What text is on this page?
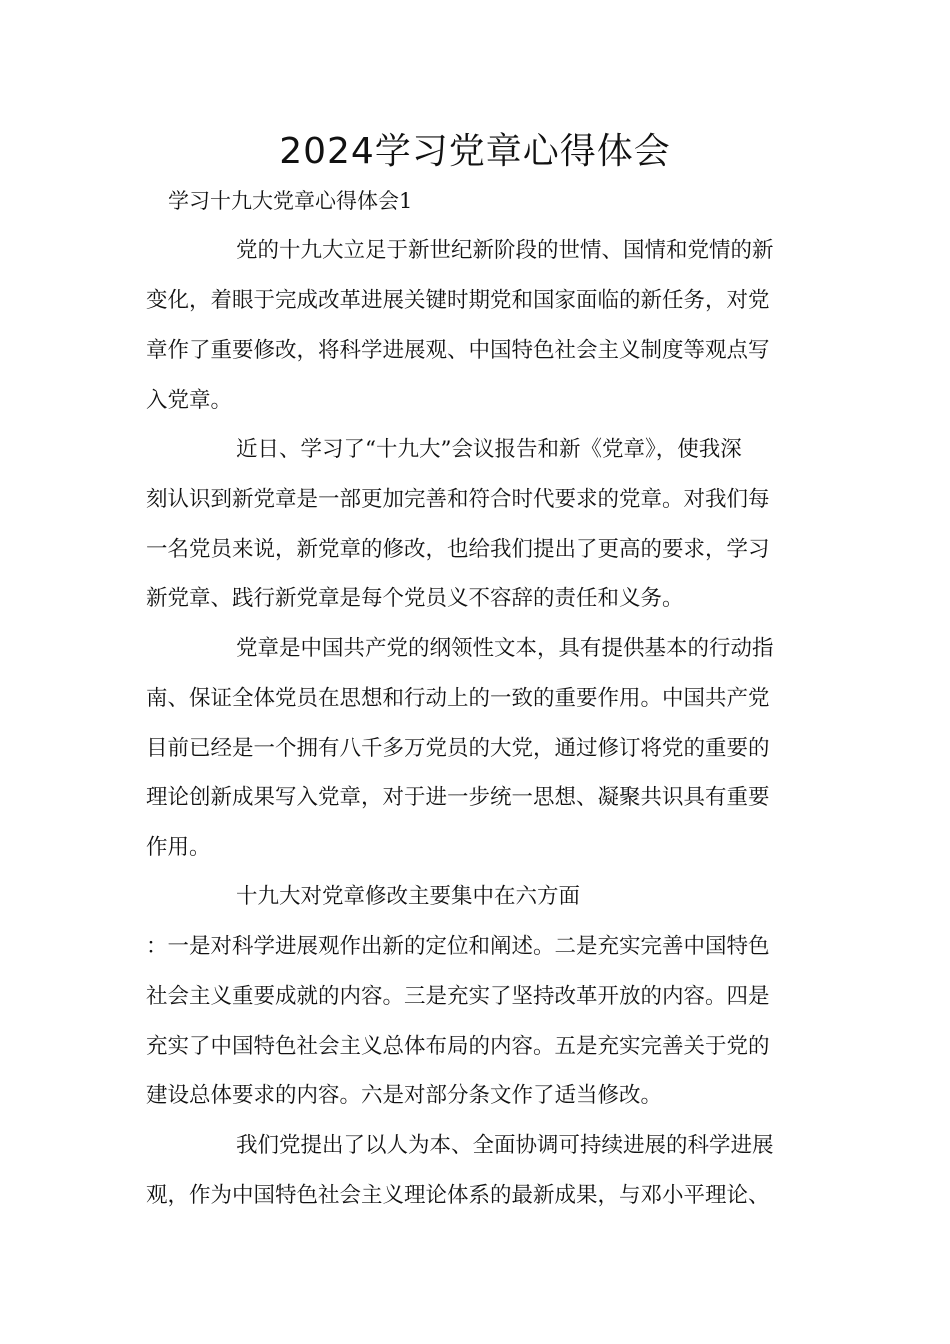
2024学习党章心得体会
学习十九大党章心得体会1
党的十九大立足于新世纪新阶段的世情、国情和党情的新
变化，着眼于完成改革进展关键时期党和国家面临的新任务，对党
章作了重要修改，将科学进展观、中国特色社会主义制度等观点写
入党章。
近日、学习了“十九大”会议报告和新《党章》，使我深
刻认识到新党章是一部更加完善和符合时代要求的党章。对我们每
一名党员来说，新党章的修改，也给我们提出了更高的要求，学习
新党章、践行新党章是每个党员义不容辞的责任和义务。
党章是中国共产党的纲领性文本，具有提供基本的行动指
南、保证全体党员在思想和行动上的一致的重要作用。中国共产党
目前已经是一个拥有八千多万党员的大党，通过修订将党的重要的
理论创新成果写入党章，对于进一步统一思想、凝聚共识具有重要
作用。
十九大对党章修改主要集中在六方面
：一是对科学进展观作出新的定位和阐述。二是充实完善中国特色
社会主义重要成就的内容。三是充实了坚持改革开放的内容。四是
充实了中国特色社会主义总体布局的内容。五是充实完善关于党的
建设总体要求的内容。六是对部分条文作了适当修改。
我们党提出了以人为本、全面协调可持续进展的科学进展
观，作为中国特色社会主义理论体系的最新成果，与邓小平理论、
